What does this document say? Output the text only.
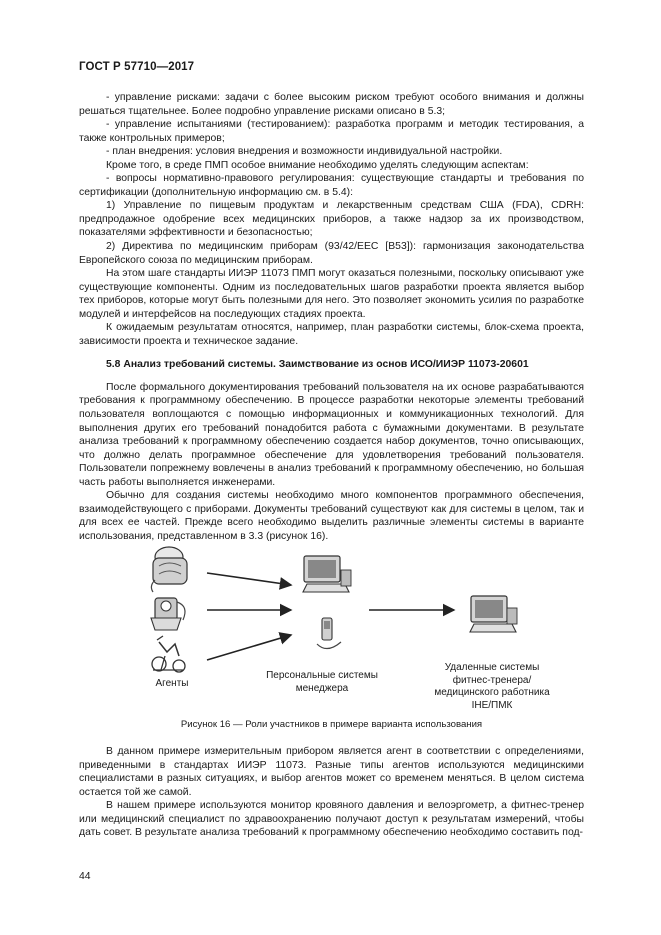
ГОСТ Р 57710—2017

- управление рисками: задачи с более высоким риском требуют особого внимания и должны решаться тщательнее. Более подробно управление рисками описано в 5.3;

- управление испытаниями (тестированием): разработка программ и методик тестирования, а также контрольных примеров;

- план внедрения: условия внедрения и возможности индивидуальной настройки.

Кроме того, в среде ПМП особое внимание необходимо уделять следующим аспектам:

- вопросы нормативно-правового регулирования: существующие стандарты и требования по сертификации (дополнительную информацию см. в 5.4):

1) Управление по пищевым продуктам и лекарственным средствам США (FDA), CDRH: предпродажное одобрение всех медицинских приборов, а также надзор за их производством, показателями эффективности и безопасностью;

2) Директива по медицинским приборам (93/42/EEC [B53]): гармонизация законодательства Европейского союза по медицинским приборам.

На этом шаге стандарты ИИЭР 11073 ПМП могут оказаться полезными, поскольку описывают уже существующие компоненты. Одним из последовательных шагов разработки проекта является выбор тех приборов, которые могут быть полезными для него. Это позволяет экономить усилия по разработке модулей и интерфейсов на последующих стадиях проекта.

К ожидаемым результатам относятся, например, план разработки системы, блок-схема проекта, зависимости проекта и техническое задание.

5.8 Анализ требований системы. Заимствование из основ ИСО/ИИЭР 11073-20601

После формального документирования требований пользователя на их основе разрабатываются требования к программному обеспечению. В процессе разработки некоторые элементы требований пользователя воплощаются с помощью информационных и коммуникационных технологий. Для выполнения других его требований понадобится работа с бумажными документами. В результате анализа требований к программному обеспечению создается набор документов, точно описывающих, что должно делать программное обеспечение для удовлетворения требований пользователя. Пользователи попрежнему вовлечены в анализ требований к программному обеспечению, но большая часть работы выполняется инженерами.

Обычно для создания системы необходимо много компонентов программного обеспечения, взаимодействующего с приборами. Документы требований существуют как для системы в целом, так и для всех ее частей. Прежде всего необходимо выделить различные элементы системы в варианте использования, представленном в 3.3 (рисунок 16).

Агенты
Персональные системы менеджера
Удаленные системы фитнес-тренера/ медицинского работника IHE/ПМК
Рисунок 16 — Роли участников в примере варианта использования

В данном примере измерительным прибором является агент в соответствии с определениями, приведенными в стандартах ИИЭР 11073. Разные типы агентов используются медицинскими специалистами в разных ситуациях, и выбор агентов может со временем меняться. В целом система остается той же самой.

В нашем примере используются монитор кровяного давления и велоэргометр, а фитнес-тренер или медицинский специалист по здравоохранению получают доступ к результатам измерений, чтобы дать совет. В результате анализа требований к программному обеспечению необходимо составить под-

44
